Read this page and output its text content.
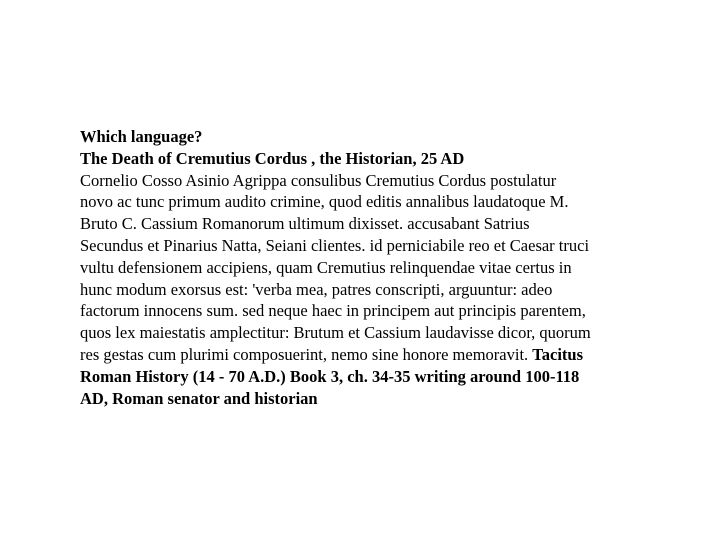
Which language?
The Death of Cremutius Cordus , the Historian, 25 AD
Cornelio Cosso Asinio Agrippa consulibus Cremutius Cordus postulatur
novo ac tunc primum audito crimine, quod editis annalibus laudatoque M.
Bruto C. Cassium Romanorum ultimum dixisset. accusabant Satrius
Secundus et Pinarius Natta, Seiani clientes. id perniciabile reo et Caesar truci
vultu defensionem accipiens, quam Cremutius relinquendae vitae certus in
hunc modum exorsus est: 'verba mea, patres conscripti, arguuntur: adeo
factorum innocens sum. sed neque haec in principem aut principis parentem,
quos lex maiestatis amplectitur: Brutum et Cassium laudavisse dicor, quorum
res gestas cum plurimi composuerint, nemo sine honore memoravit. Tacitus
Roman History (14 - 70 A.D.) Book 3, ch. 34-35 writing around 100-118
AD, Roman senator and historian
